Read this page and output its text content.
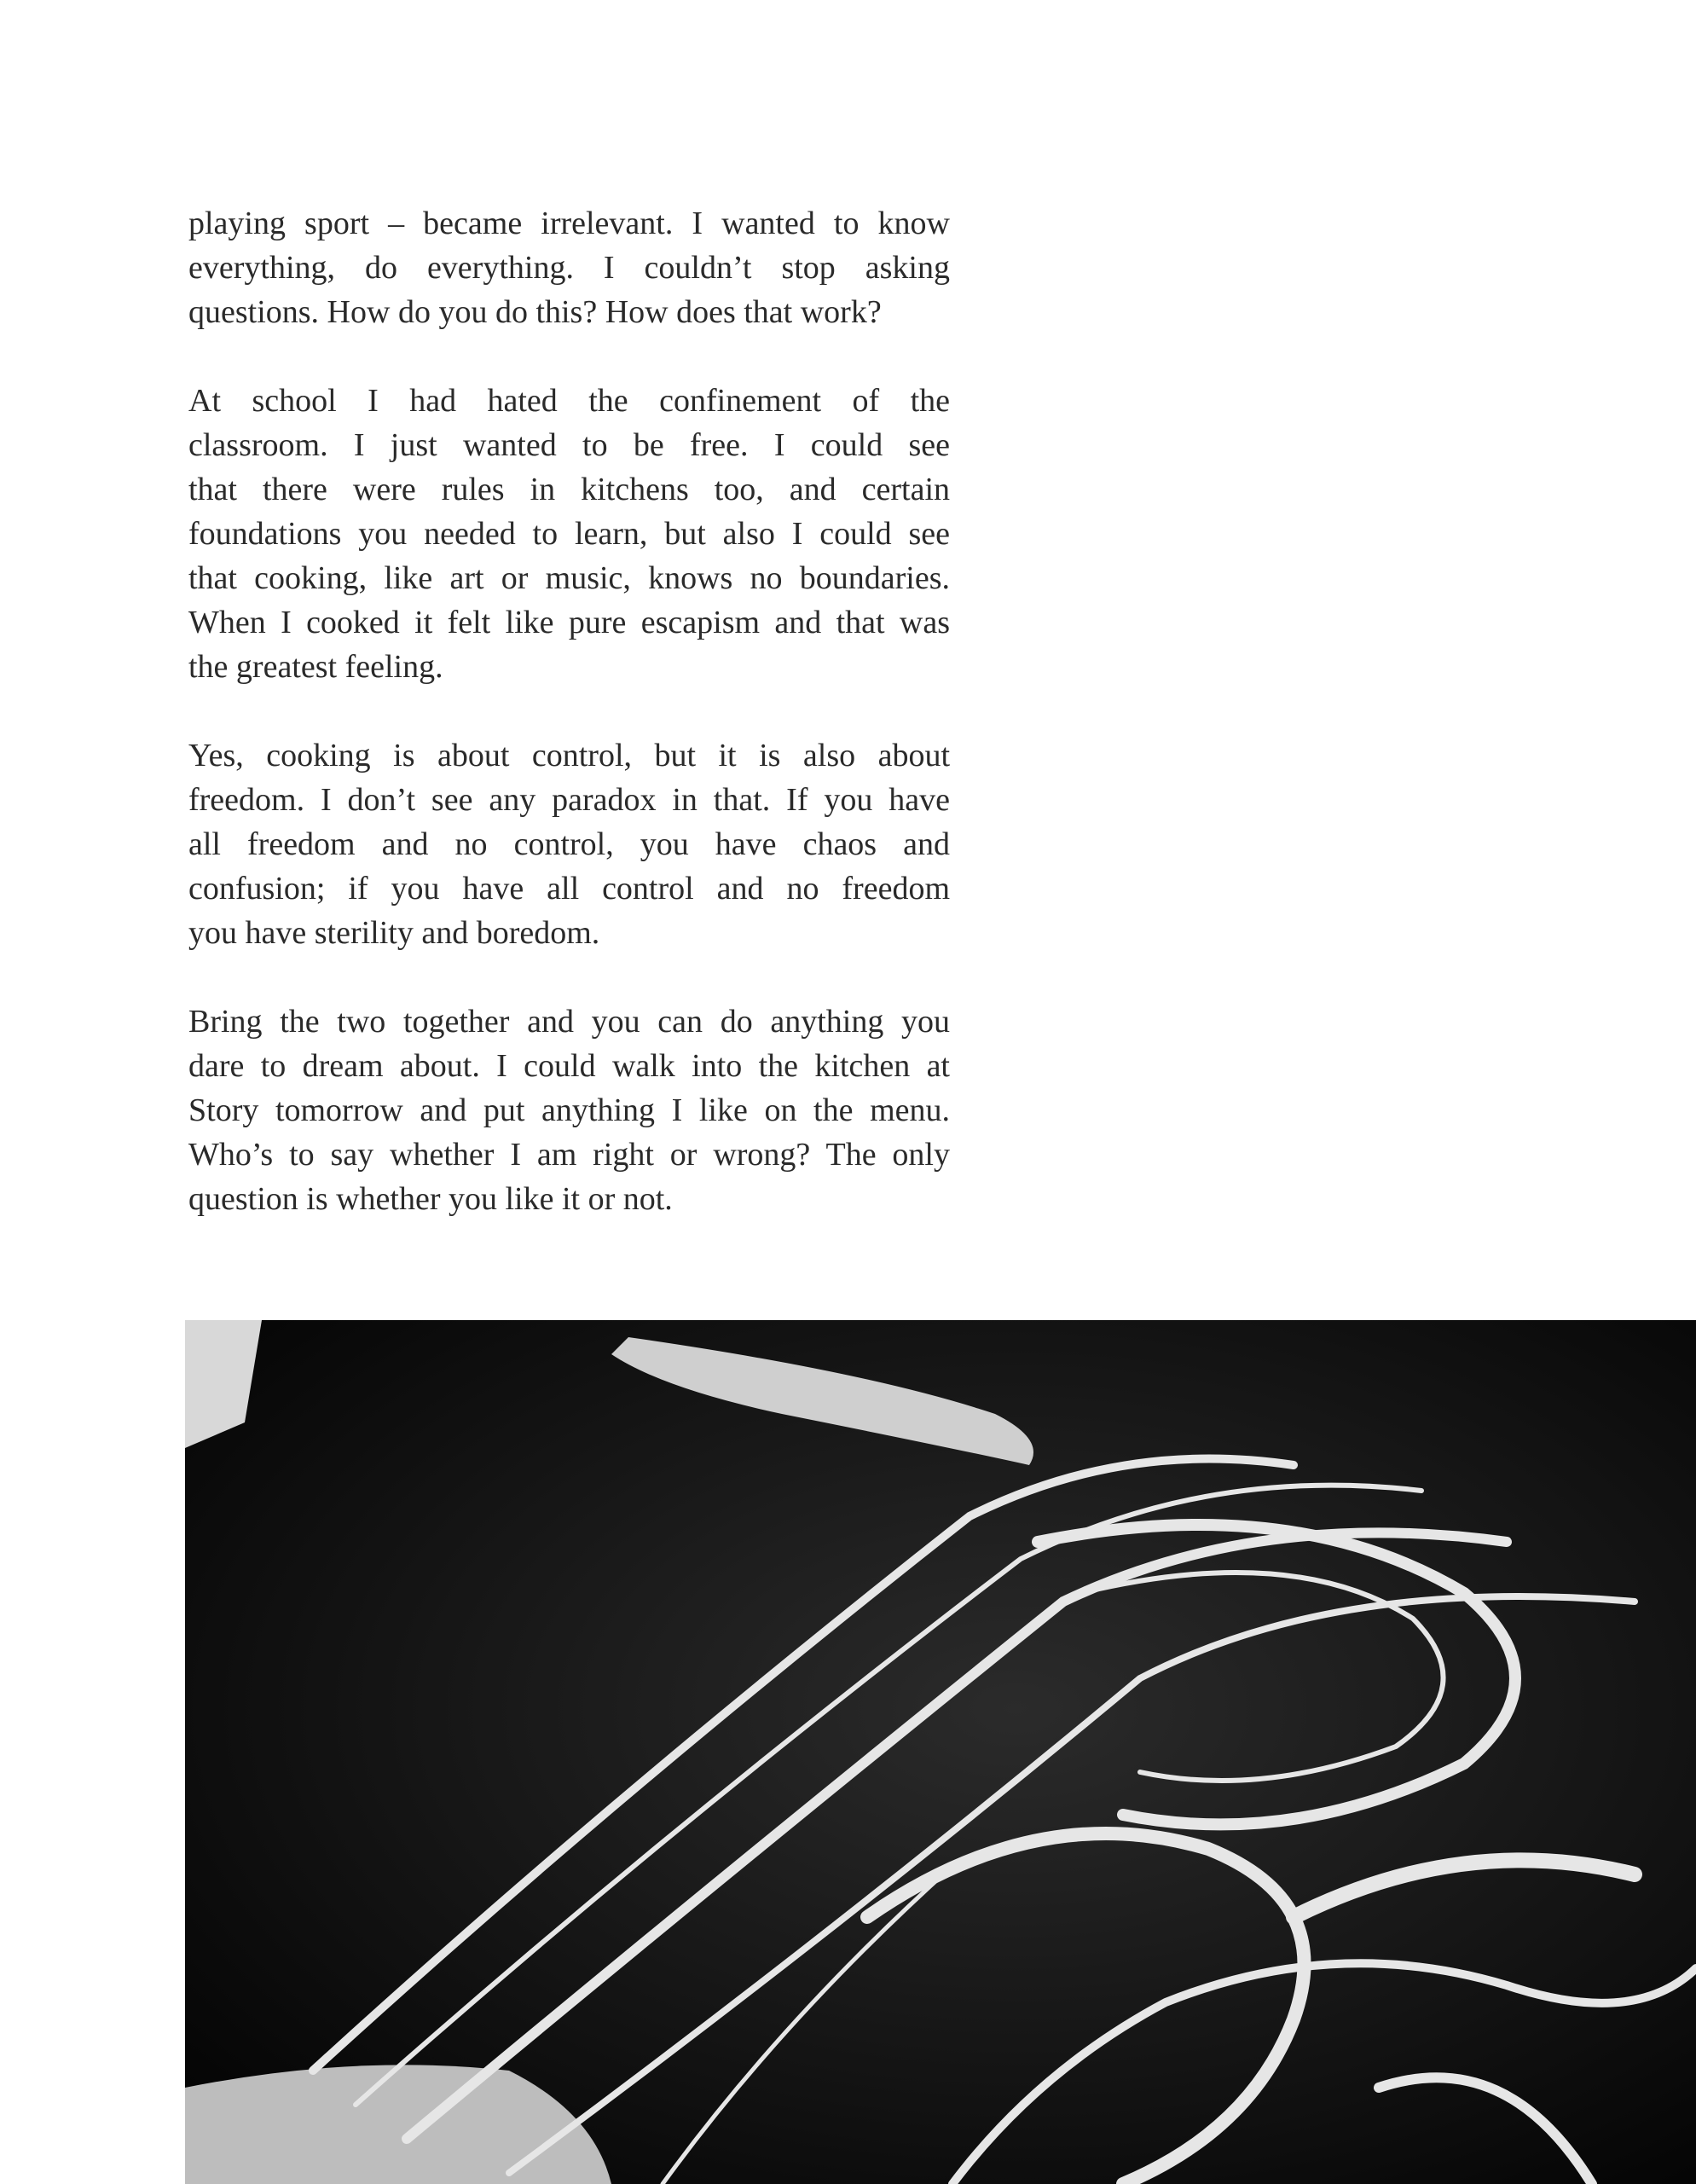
playing sport – became irrelevant. I wanted to know
everything, do everything. I couldn’t stop asking
questions. How do you do this? How does that work?
At school I had hated the confinement of the
classroom. I just wanted to be free. I could see
that there were rules in kitchens too, and certain
foundations you needed to learn, but also I could see
that cooking, like art or music, knows no boundaries.
When I cooked it felt like pure escapism and that was
the greatest feeling.
Yes, cooking is about control, but it is also about
freedom. I don’t see any paradox in that. If you have
all freedom and no control, you have chaos and
confusion; if you have all control and no freedom
you have sterility and boredom.
Bring the two together and you can do anything you
dare to dream about. I could walk into the kitchen at
Story tomorrow and put anything I like on the menu.
Who’s to say whether I am right or wrong? The only
question is whether you like it or not.
